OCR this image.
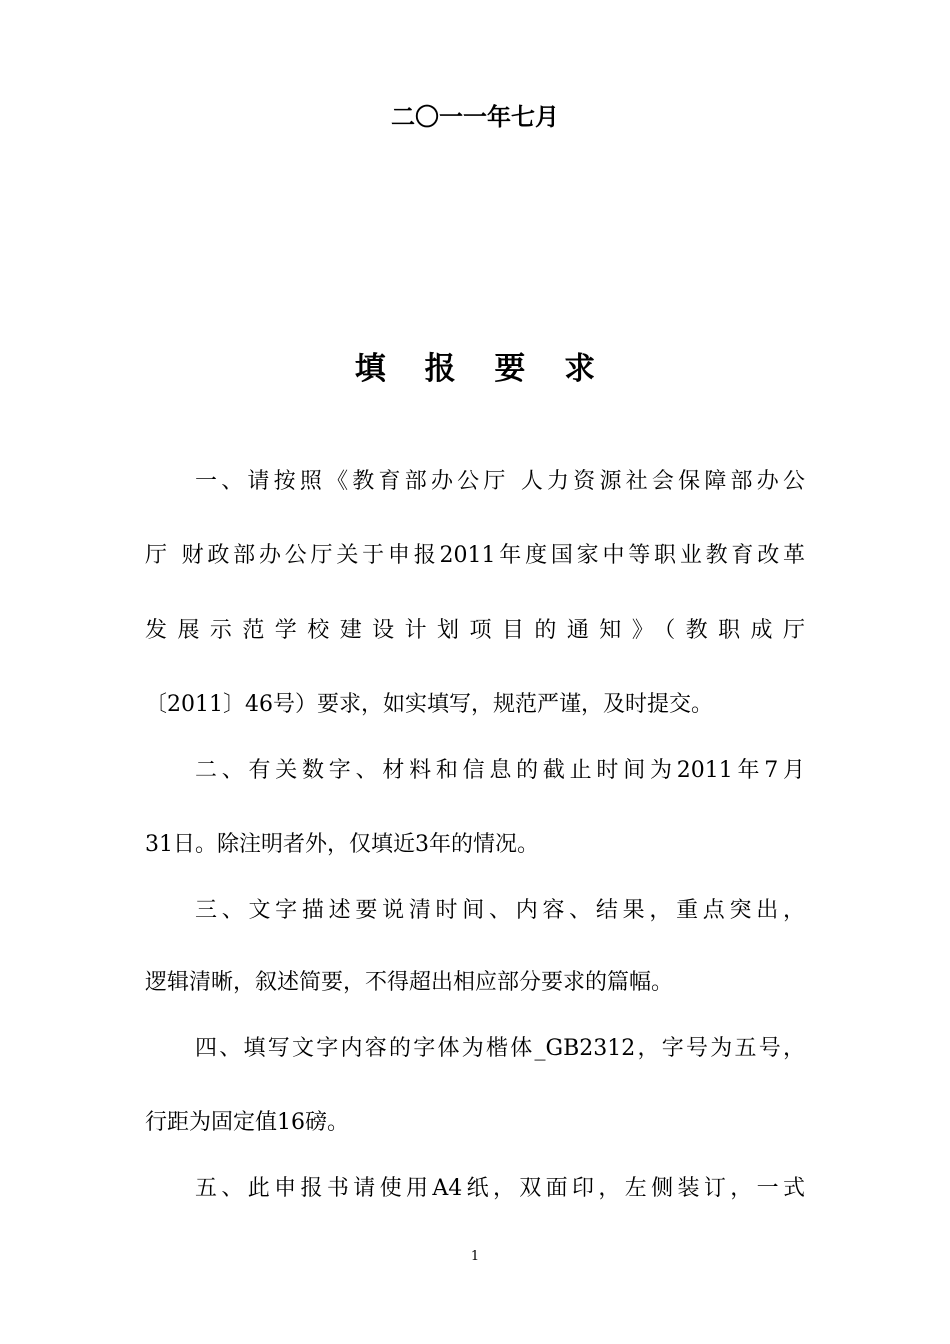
二〇一一年七月
填 报 要 求
一、请按照《教育部办公厅 人力资源社会保障部办公
厅 财政部办公厅关于申报2011年度国家中等职业教育改革
发展示范学校建设计划项目的通知》（教职成厅
〔2011〕46号）要求，如实填写，规范严谨，及时提交。
二、有关数字、材料和信息的截止时间为2011年7月
31日。除注明者外，仅填近3年的情况。
三、文字描述要说清时间、内容、结果，重点突出，
逻辑清晰，叙述简要，不得超出相应部分要求的篇幅。
四、填写文字内容的字体为楷体_GB2312，字号为五号，
行距为固定值16磅。
五、此申报书请使用A4纸，双面印，左侧装订，一式
1
